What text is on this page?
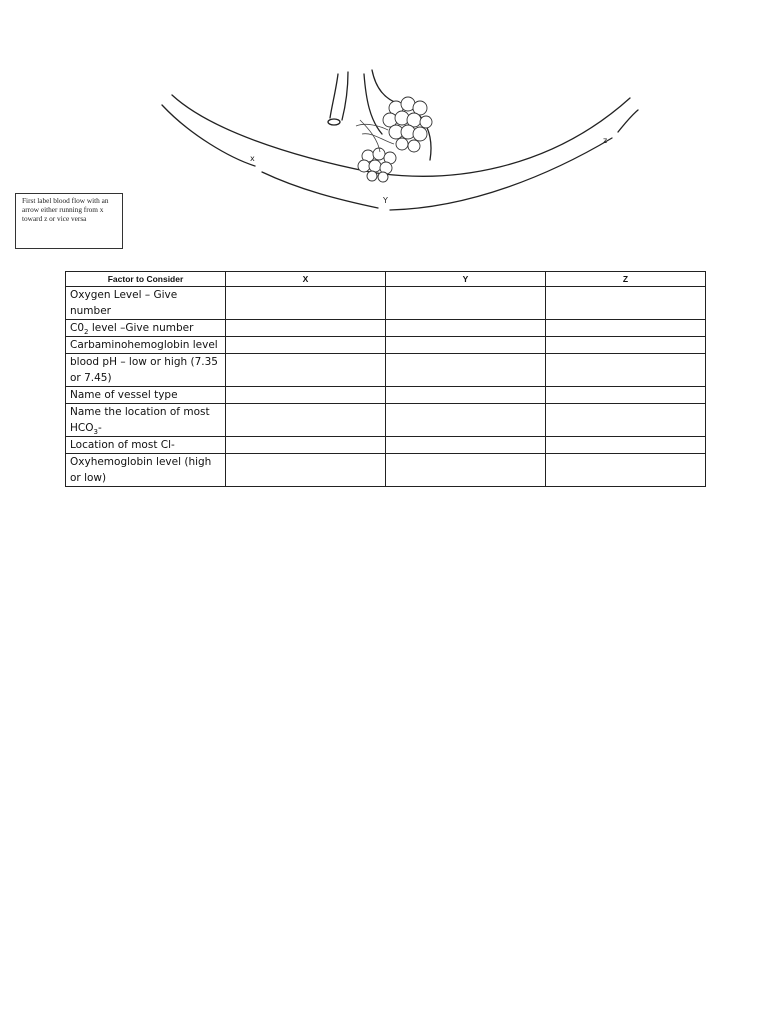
x
Y
z
First label blood flow with an arrow either running from x toward z or vice versa
Factor to Consider	X	Y	Z
Oxygen Level – Give number			
$C0_2$ level –Give number			
Carbaminohemoglobin level			
blood pH – low or high (7.35 or 7.45)			
Name of vessel type			
Name the location of most $HCO_3-$			
Location of most Cl-			
Oxyhemoglobin level (high or low)			
